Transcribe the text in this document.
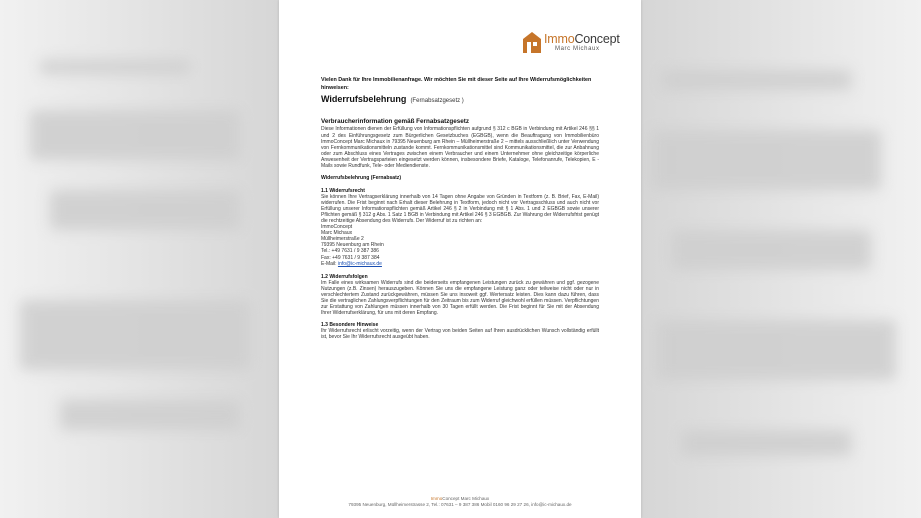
ImmoConcept
Marc Michaux
Vielen Dank für Ihre Immobilienanfrage. Wir möchten Sie mit dieser Seite auf Ihre Widerrufsmöglichkeiten hinweisen:
Widerrufsbelehrung (Fernabsatzgesetz )
Verbraucherinformation gemäß Fernabsatzgesetz

Diese Informationen dienen der Erfüllung von Informationspflichten aufgrund § 312 c BGB in Verbindung mit Artikel 246 §§ 1 und 2 des Einführungsgesetz zum Bürgerlichen Gesetzbuches (EGBGB), wenn die Beauftragung von Immobilienbüro ImmoConcept Marc Michaux in 79395 Neuenburg am Rhein – Müllheimerstraße 2 – mittels ausschließlich unter Verwendung von Fernkommunikationsmitteln zustande kommt. Fernkommunikationsmittel sind Kommunikationsmittel, die zur Anbahnung oder zum Abschluss eines Vertrages zwischen einem Verbraucher und einem Unternehmer ohne gleichzeitige körperliche Anwesenheit der Vertragsparteien eingesetzt werden können, insbesondere Briefe, Kataloge, Telefonanrufe, Telekopien, E - Mails sowie Rundfunk, Tele- oder Mediendienste.

Widerrufsbelehrung (Fernabsatz)
1.1 Widerrufsrecht

Sie können Ihre Vertragserklärung innerhalb von 14 Tagen ohne Angabe von Gründen in Textform (z. B. Brief, Fax, E-Mail) widerrufen. Die Frist beginnt nach Erhalt dieser Belehrung in Textform, jedoch nicht vor Vertragsschluss und auch nicht vor Erfüllung unserer Informationspflichten gemäß Artikel 246 § 2 in Verbindung mit § 1 Abs. 1 und 2 EGBGB sowie unserer Pflichten gemäß § 312 g Abs. 1 Satz 1 BGB in Verbindung mit Artikel 246 § 3 EGBGB. Zur Wahrung der Widerrufsfrist genügt die rechtzeitige Absendung des Widerrufs. Der Widerruf ist zu richten an:

ImmoConcept
Marc Michaux
Müllheimerstraße 2
79395 Neuenburg am Rhein
Tel.: +49 7631 / 9 387 386
Fax: +49 7631 / 9 387 384
E-Mail: info@ic-michaux.de
1.2 Widerrufsfolgen

Im Falle eines wirksamen Widerrufs sind die beiderseits empfangenen Leistungen zurück zu gewähren und ggf. gezogene Nutzungen (z.B. Zinsen) herauszugeben. Können Sie uns die empfangene Leistung ganz oder teilweise nicht oder nur in verschlechtertem Zustand zurückgewähren, müssen Sie uns insoweit ggf. Wertersatz leisten. Dies kann dazu führen, dass Sie die vertraglichen Zahlungsverpflichtungen für den Zeitraum bis zum Widerruf gleichwohl erfüllen müssen. Verpflichtungen zur Erstattung von Zahlungen müssen innerhalb von 30 Tagen erfüllt werden. Die Frist beginnt für Sie mit der Absendung Ihrer Widerrufserklärung, für uns mit deren Empfang.

1.3 Besondere Hinweise

Ihr Widerrufsrecht erlischt vorzeitig, wenn der Vertrag von beiden Seiten auf Ihren ausdrücklichen Wunsch vollständig erfüllt ist, bevor Sie Ihr Widerrufsrecht ausgeübt haben.

ImmoConcept Marc Michaux
79395 Neuenburg, Müllheimerstrasse 2, Tel.: 07631 – 9 387 386 Mobil 0160 96 29 27 26, info@ic-michaux.de
